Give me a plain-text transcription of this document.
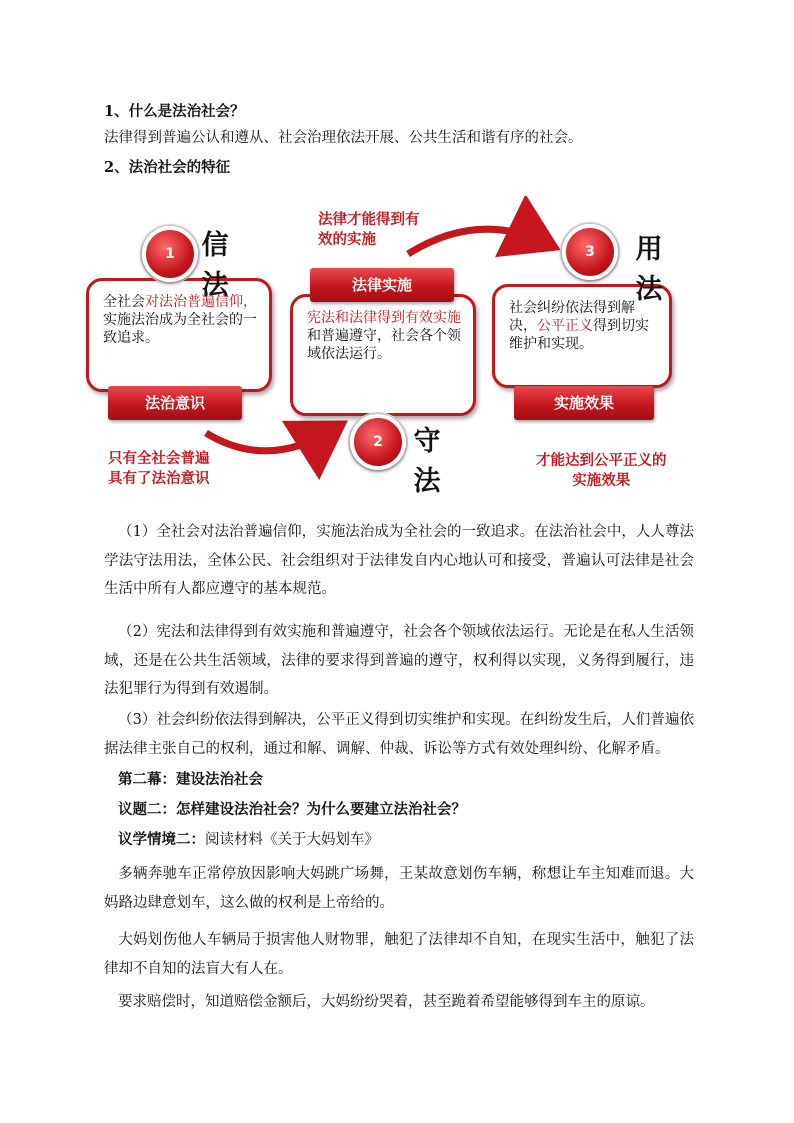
1、什么是法治社会？
法律得到普遍公认和遵从、社会治理依法开展、公共生活和谐有序的社会。
2、法治社会的特征
全社会对法治普遍信仰，实施法治成为全社会的一致追求。
1 信
法
法治意识
只有全社会普遍
具有了法治意识
宪法和法律得到有效实施和普遍遵守，社会各个领域依法运行。
法律实施
法律才能得到有
效的实施
2	守
法
社会纠纷依法得到解决，公平正义得到切实维护和实现。
3	用
法
实施效果
才能达到公平正义的
实施效果
（1）全社会对法治普遍信仰，实施法治成为全社会的一致追求。在法治社会中，人人尊法学法守法用法，全体公民、社会组织对于法律发自内心地认可和接受，普遍认可法律是社会生活中所有人都应遵守的基本规范。
（2）宪法和法律得到有效实施和普遍遵守，社会各个领域依法运行。无论是在私人生活领域，还是在公共生活领域，法律的要求得到普遍的遵守，权利得以实现，义务得到履行，违法犯罪行为得到有效遏制。
（3）社会纠纷依法得到解决，公平正义得到切实维护和实现。在纠纷发生后，人们普遍依据法律主张自己的权利，通过和解、调解、仲裁、诉讼等方式有效处理纠纷、化解矛盾。
第二幕：建设法治社会
议题二：怎样建设法治社会？为什么要建立法治社会？
议学情境二：阅读材料《关于大妈划车》
多辆奔驰车正常停放因影响大妈跳广场舞，王某故意划伤车辆，称想让车主知难而退。大妈路边肆意划车，这么做的权利是上帝给的。
大妈划伤他人车辆局于损害他人财物罪，触犯了法律却不自知，在现实生活中，触犯了法律却不自知的法盲大有人在。
要求赔偿时，知道赔偿金额后，大妈纷纷哭着，甚至跪着希望能够得到车主的原谅。
